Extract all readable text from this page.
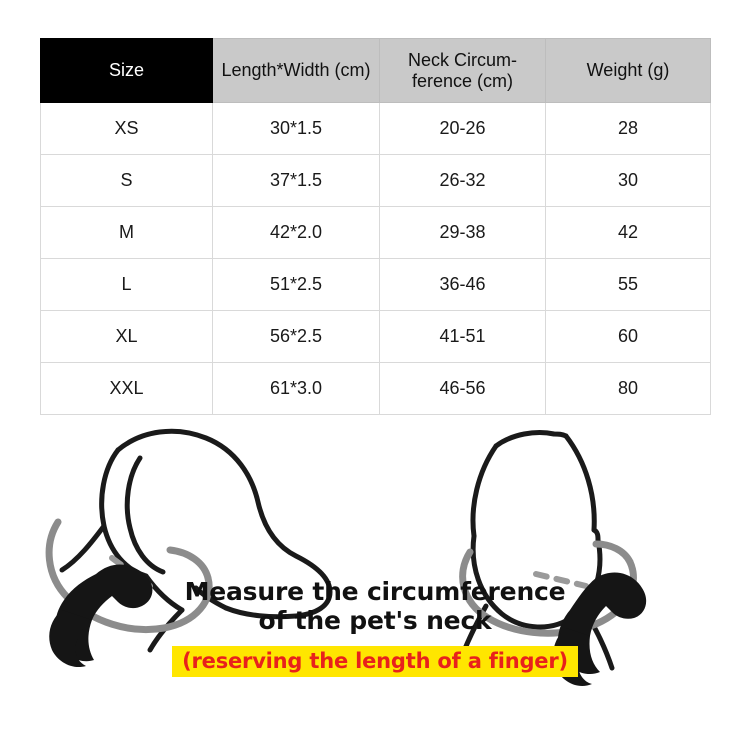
Size	Length*Width (cm)	Neck Circum-ference (cm)	Weight (g)
XS	30*1.5	20-26	28
S	37*1.5	26-32	30
M	42*2.0	29-38	42
L	51*2.5	36-46	55
XL	56*2.5	41-51	60
XXL	61*3.0	46-56	80
Measure the circumference
of the pet's neck
(reserving the length of a finger)
